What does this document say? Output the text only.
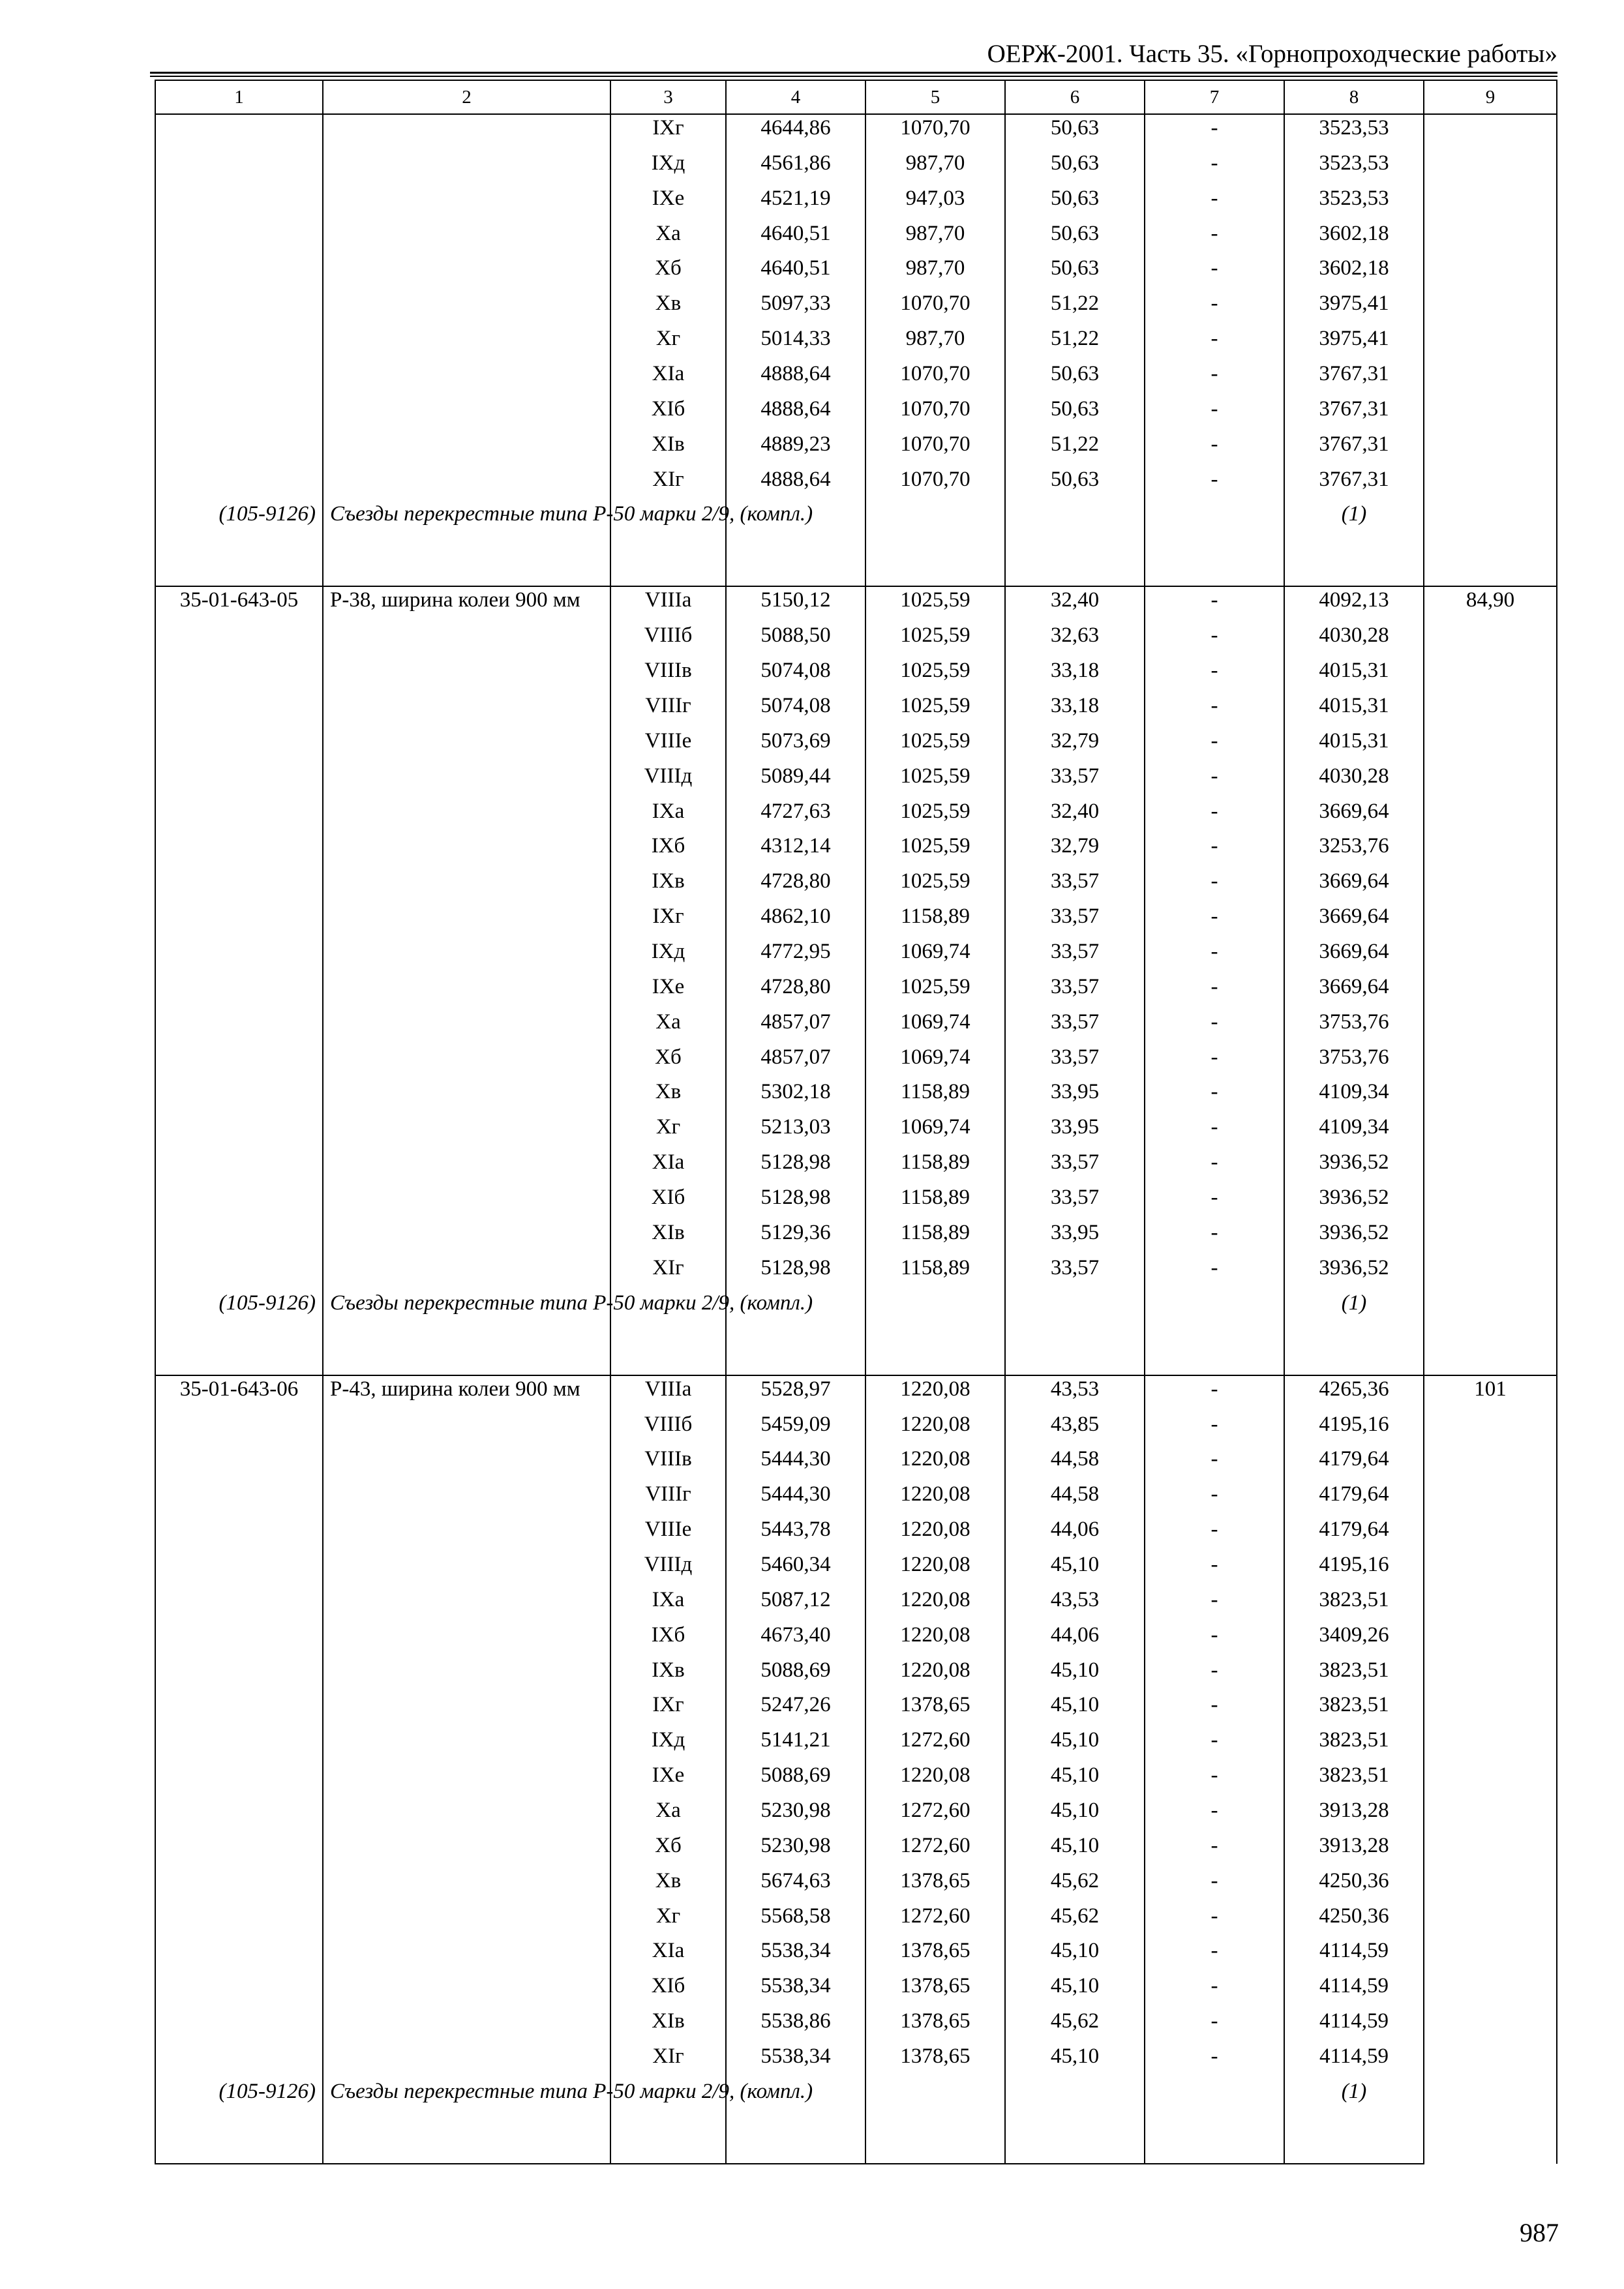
ОЕРЖ-2001. Часть 35. «Горнопроходческие работы»
1	2	3	4	5	6	7	8	9
		IXг	4644,86	1070,70	50,63	-	3523,53	
		IXд	4561,86	987,70	50,63	-	3523,53	
		IXе	4521,19	947,03	50,63	-	3523,53	
		Xа	4640,51	987,70	50,63	-	3602,18	
		Xб	4640,51	987,70	50,63	-	3602,18	
		Xв	5097,33	1070,70	51,22	-	3975,41	
		Xг	5014,33	987,70	51,22	-	3975,41	
		XIа	4888,64	1070,70	50,63	-	3767,31	
		XIб	4888,64	1070,70	50,63	-	3767,31	
		XIв	4889,23	1070,70	51,22	-	3767,31	
		XIг	4888,64	1070,70	50,63	-	3767,31	
(105-9126)	Съезды перекрестные типа Р-50 марки 2/9, (компл.)						(1)	
35-01-643-05	Р-38, ширина колеи 900 мм	VIIIа	5150,12	1025,59	32,40	-	4092,13	84,90
		VIIIб	5088,50	1025,59	32,63	-	4030,28	
		VIIIв	5074,08	1025,59	33,18	-	4015,31	
		VIIIг	5074,08	1025,59	33,18	-	4015,31	
		VIIIе	5073,69	1025,59	32,79	-	4015,31	
		VIIIд	5089,44	1025,59	33,57	-	4030,28	
		IXа	4727,63	1025,59	32,40	-	3669,64	
		IXб	4312,14	1025,59	32,79	-	3253,76	
		IXв	4728,80	1025,59	33,57	-	3669,64	
		IXг	4862,10	1158,89	33,57	-	3669,64	
		IXд	4772,95	1069,74	33,57	-	3669,64	
		IXе	4728,80	1025,59	33,57	-	3669,64	
		Xа	4857,07	1069,74	33,57	-	3753,76	
		Xб	4857,07	1069,74	33,57	-	3753,76	
		Xв	5302,18	1158,89	33,95	-	4109,34	
		Xг	5213,03	1069,74	33,95	-	4109,34	
		XIа	5128,98	1158,89	33,57	-	3936,52	
		XIб	5128,98	1158,89	33,57	-	3936,52	
		XIв	5129,36	1158,89	33,95	-	3936,52	
		XIг	5128,98	1158,89	33,57	-	3936,52	
(105-9126)	Съезды перекрестные типа Р-50 марки 2/9, (компл.)						(1)	
35-01-643-06	Р-43, ширина колеи 900 мм	VIIIа	5528,97	1220,08	43,53	-	4265,36	101
		VIIIб	5459,09	1220,08	43,85	-	4195,16	
		VIIIв	5444,30	1220,08	44,58	-	4179,64	
		VIIIг	5444,30	1220,08	44,58	-	4179,64	
		VIIIе	5443,78	1220,08	44,06	-	4179,64	
		VIIIд	5460,34	1220,08	45,10	-	4195,16	
		IXа	5087,12	1220,08	43,53	-	3823,51	
		IXб	4673,40	1220,08	44,06	-	3409,26	
		IXв	5088,69	1220,08	45,10	-	3823,51	
		IXг	5247,26	1378,65	45,10	-	3823,51	
		IXд	5141,21	1272,60	45,10	-	3823,51	
		IXе	5088,69	1220,08	45,10	-	3823,51	
		Xа	5230,98	1272,60	45,10	-	3913,28	
		Xб	5230,98	1272,60	45,10	-	3913,28	
		Xв	5674,63	1378,65	45,62	-	4250,36	
		Xг	5568,58	1272,60	45,62	-	4250,36	
		XIа	5538,34	1378,65	45,10	-	4114,59	
		XIб	5538,34	1378,65	45,10	-	4114,59	
		XIв	5538,86	1378,65	45,62	-	4114,59	
		XIг	5538,34	1378,65	45,10	-	4114,59	
(105-9126)	Съезды перекрестные типа Р-50 марки 2/9, (компл.)						(1)	
987
